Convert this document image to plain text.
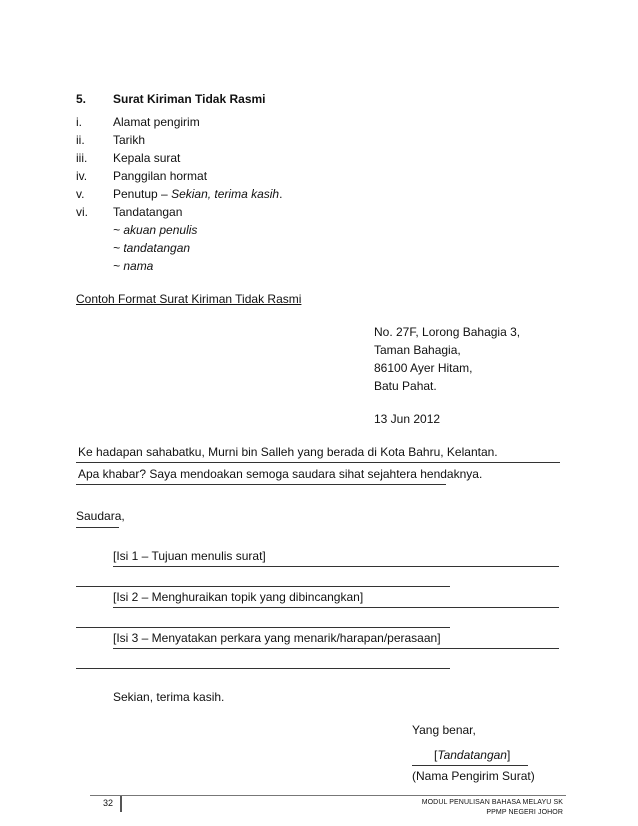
5. Surat Kiriman Tidak Rasmi
i.	Alamat pengirim
ii. Tarikh
iii. Kepala surat
iv. Panggilan hormat
v. Penutup – Sekian, terima kasih.
vi. Tandatangan
~ akuan penulis
~ tandatangan
~ nama
Contoh Format Surat Kiriman Tidak Rasmi
No. 27F, Lorong Bahagia 3,
Taman Bahagia,
86100 Ayer Hitam,
Batu Pahat.
13 Jun 2012
Ke hadapan sahabatku, Murni bin Salleh yang berada di Kota Bahru, Kelantan.
Apa khabar? Saya mendoakan semoga saudara sihat sejahtera hendaknya.
Saudara,
[Isi 1 – Tujuan menulis surat]
[Isi 2 – Menghuraikan topik yang dibincangkan]
[Isi 3 – Menyatakan perkara yang menarik/harapan/perasaan]
Sekian, terima kasih.
Yang benar,
[Tandatangan]
(Nama Pengirim Surat)
32	MODUL PENULISAN BAHASA MELAYU SK
PPMP NEGERI JOHOR
